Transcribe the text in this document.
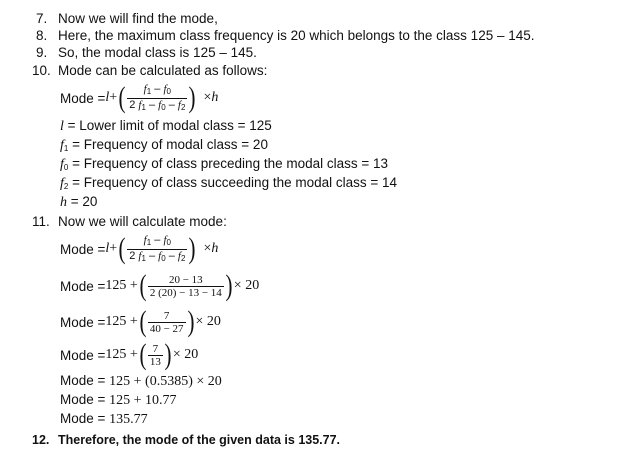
7. Now we will find the mode,
8. Here, the maximum class frequency is 20 which belongs to the class 125 – 145.
9. So, the modal class is 125 – 145.
10. Mode can be calculated as follows:
Mode = l + ( $\frac{f_1 - f_0}{2 f_1 - f_0 - f_2}$ ) × h
l = Lower limit of modal class = 125
$f_1$ = Frequency of modal class = 20
$f_0$ = Frequency of class preceding the modal class = 13
$f_2$ = Frequency of class succeeding the modal class = 14
h = 20
11. Now we will calculate mode:
Mode = l + ( $\frac{f_1 - f_0}{2 f_1 - f_0 - f_2}$ ) × h
Mode = 125 + ( $\frac{20 - 13}{2 (20) - 13 - 14}$ ) × 20
Mode = 125 + ( $\frac{7}{40 - 27}$ ) × 20
Mode = 125 + ( $\frac{7}{13}$ ) × 20
Mode = 125 + (0.5385) × 20
Mode = 125 + 10.77
Mode = 135.77
12. Therefore, the mode of the given data is 135.77.
